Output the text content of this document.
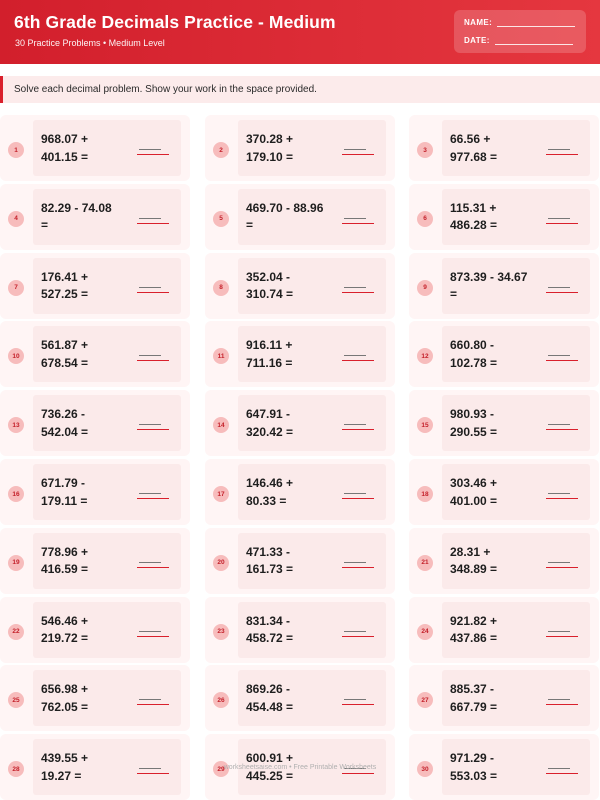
6th Grade Decimals Practice - Medium
30 Practice Problems • Medium Level
NAME:
DATE:
Solve each decimal problem. Show your work in the space provided.
1
968.07 +
401.15 =	2
370.28 +
179.10 =	3
66.56 +
977.68 =
4
82.29 - 74.08
=	5
469.70 - 88.96
=	6
115.31 +
486.28 =
7
176.41 +
527.25 =	8
352.04 -
310.74 =	9
873.39 - 34.67
=
10
561.87 +
678.54 =	11
916.11 +
711.16 =	12
660.80 -
102.78 =
13
736.26 -
542.04 =	14
647.91 -
320.42 =	15
980.93 -
290.55 =
16
671.79 -
179.11 =	17
146.46 +
80.33 =	18
303.46 +
401.00 =
19
778.96 +
416.59 =	20
471.33 -
161.73 =	21
28.31 +
348.89 =
22
546.46 +
219.72 =	23
831.34 -
458.72 =	24
921.82 +
437.86 =
25
656.98 +
762.05 =	26
869.26 -
454.48 =	27
885.37 -
667.79 =
28
439.55 +
19.27 =	29
600.91 +
445.25 =	30
971.29 -
553.03 =
worksheetsaise.com • Free Printable Worksheets
